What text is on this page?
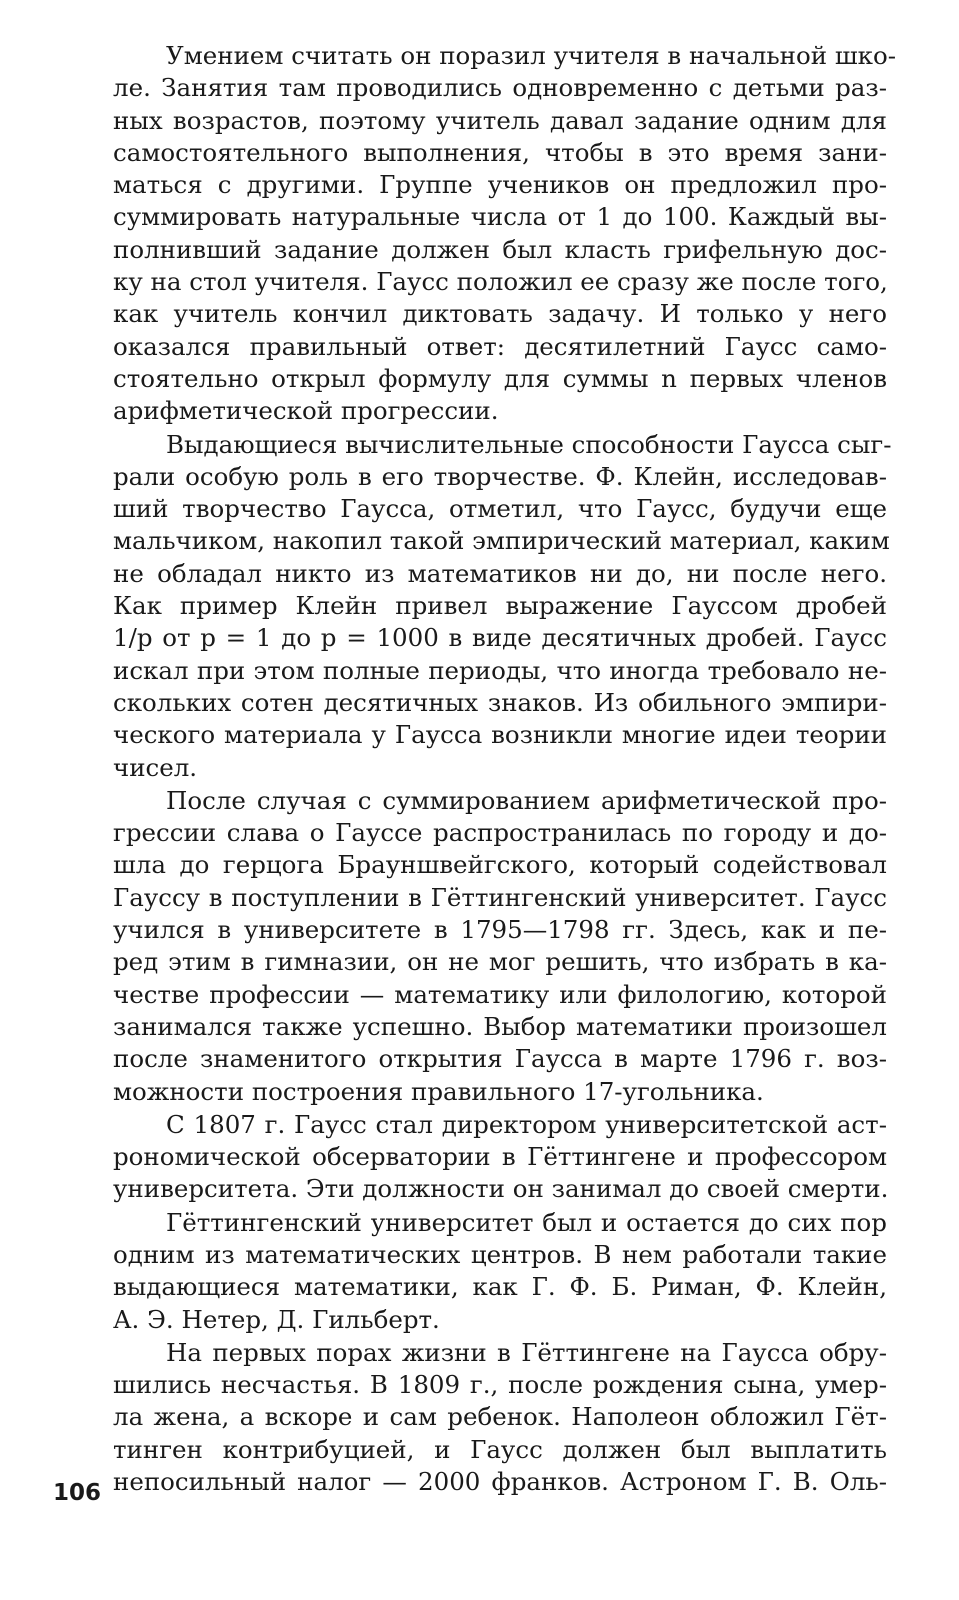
Умением считать он поразил учителя в начальной шко-
ле. Занятия там проводились одновременно с детьми раз-
ных возрастов, поэтому учитель давал задание одним для
самостоятельного выполнения, чтобы в это время зани-
маться с другими. Группе учеников он предложил про-
суммировать натуральные числа от 1 до 100. Каждый вы-
полнивший задание должен был класть грифельную дос-
ку на стол учителя. Гаусс положил ее сразу же после того,
как учитель кончил диктовать задачу. И только у него
оказался правильный ответ: десятилетний Гаусс само-
стоятельно открыл формулу для суммы n первых членов
арифметической прогрессии.
Выдающиеся вычислительные способности Гаусса сыг-
рали особую роль в его творчестве. Ф. Клейн, исследовав-
ший творчество Гаусса, отметил, что Гаусс, будучи еще
мальчиком, накопил такой эмпирический материал, каким
не обладал никто из математиков ни до, ни после него.
Как пример Клейн привел выражение Гауссом дробей
1/p от p = 1 до p = 1000 в виде десятичных дробей. Гаусс
искал при этом полные периоды, что иногда требовало не-
скольких сотен десятичных знаков. Из обильного эмпири-
ческого материала у Гаусса возникли многие идеи теории
чисел.
После случая с суммированием арифметической про-
грессии слава о Гауссе распространилась по городу и до-
шла до герцога Брауншвейгского, который содействовал
Гауссу в поступлении в Гёттингенский университет. Гаусс
учился в университете в 1795—1798 гг. Здесь, как и пе-
ред этим в гимназии, он не мог решить, что избрать в ка-
честве профессии — математику или филологию, которой
занимался также успешно. Выбор математики произошел
после знаменитого открытия Гаусса в марте 1796 г. воз-
можности построения правильного 17-угольника.
С 1807 г. Гаусс стал директором университетской аст-
рономической обсерватории в Гёттингене и профессором
университета. Эти должности он занимал до своей смерти.
Гёттингенский университет был и остается до сих пор
одним из математических центров. В нем работали такие
выдающиеся математики, как Г. Ф. Б. Риман, Ф. Клейн,
А. Э. Нетер, Д. Гильберт.
На первых порах жизни в Гёттингене на Гаусса обру-
шились несчастья. В 1809 г., после рождения сына, умер-
ла жена, а вскоре и сам ребенок. Наполеон обложил Гёт-
тинген контрибуцией, и Гаусс должен был выплатить
непосильный налог — 2000 франков. Астроном Г. В. Оль-
106
